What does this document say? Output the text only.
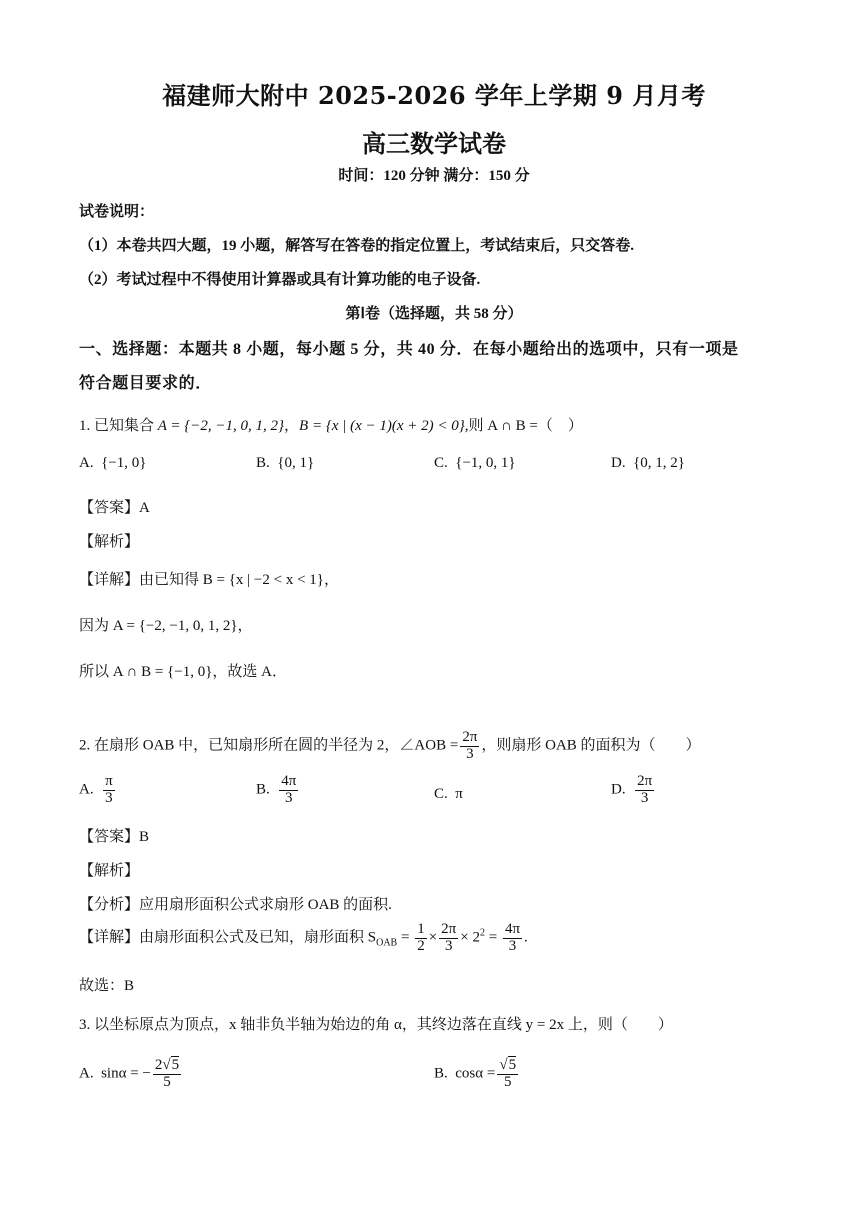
福建师大附中 2025-2026 学年上学期 9 月月考
高三数学试卷
时间：120 分钟 满分：150 分
试卷说明：
（1）本卷共四大题，19 小题，解答写在答卷的指定位置上，考试结束后，只交答卷.
（2）考试过程中不得使用计算器或具有计算功能的电子设备.
第Ⅰ卷（选择题，共 58 分）
一、选择题：本题共 8 小题，每小题 5 分，共 40 分．在每小题给出的选项中，只有一项是
符合题目要求的．
1. 已知集合 A = {−2, −1, 0, 1, 2}，B = {x | (x − 1)(x + 2) < 0},则 A ∩ B =（　）
A. {−1, 0}	B. {0, 1}	C. {−1, 0, 1}	D. {0, 1, 2}
【答案】A
【解析】
【详解】由已知得 B = {x | −2 < x < 1}，
因为 A = {−2, −1, 0, 1, 2}，
所以 A ∩ B = {−1, 0}，故选 A．
2. 在扇形 OAB 中，已知扇形所在圆的半径为 2，∠AOB = $\frac{2\pi}{3}$ ，则扇形 OAB 的面积为（　　）
A. $\frac{\pi}{3}$	B. $\frac{4\pi}{3}$	C. π	D. $\frac{2\pi}{3}$
【答案】B
【解析】
【分析】应用扇形面积公式求扇形 OAB 的面积.
【详解】由扇形面积公式及已知，扇形面积 $S_{OAB} = \frac{1}{2} \times \frac{2\pi}{3} \times 2^2 = \frac{4\pi}{3}$ .
故选：B
3. 以坐标原点为顶点，x 轴非负半轴为始边的角 α，其终边落在直线 y = 2x 上，则（　　）
A. sinα = − $\frac{2√5}{5}$	B. $\cos\alpha = \frac{√5}{5}$
